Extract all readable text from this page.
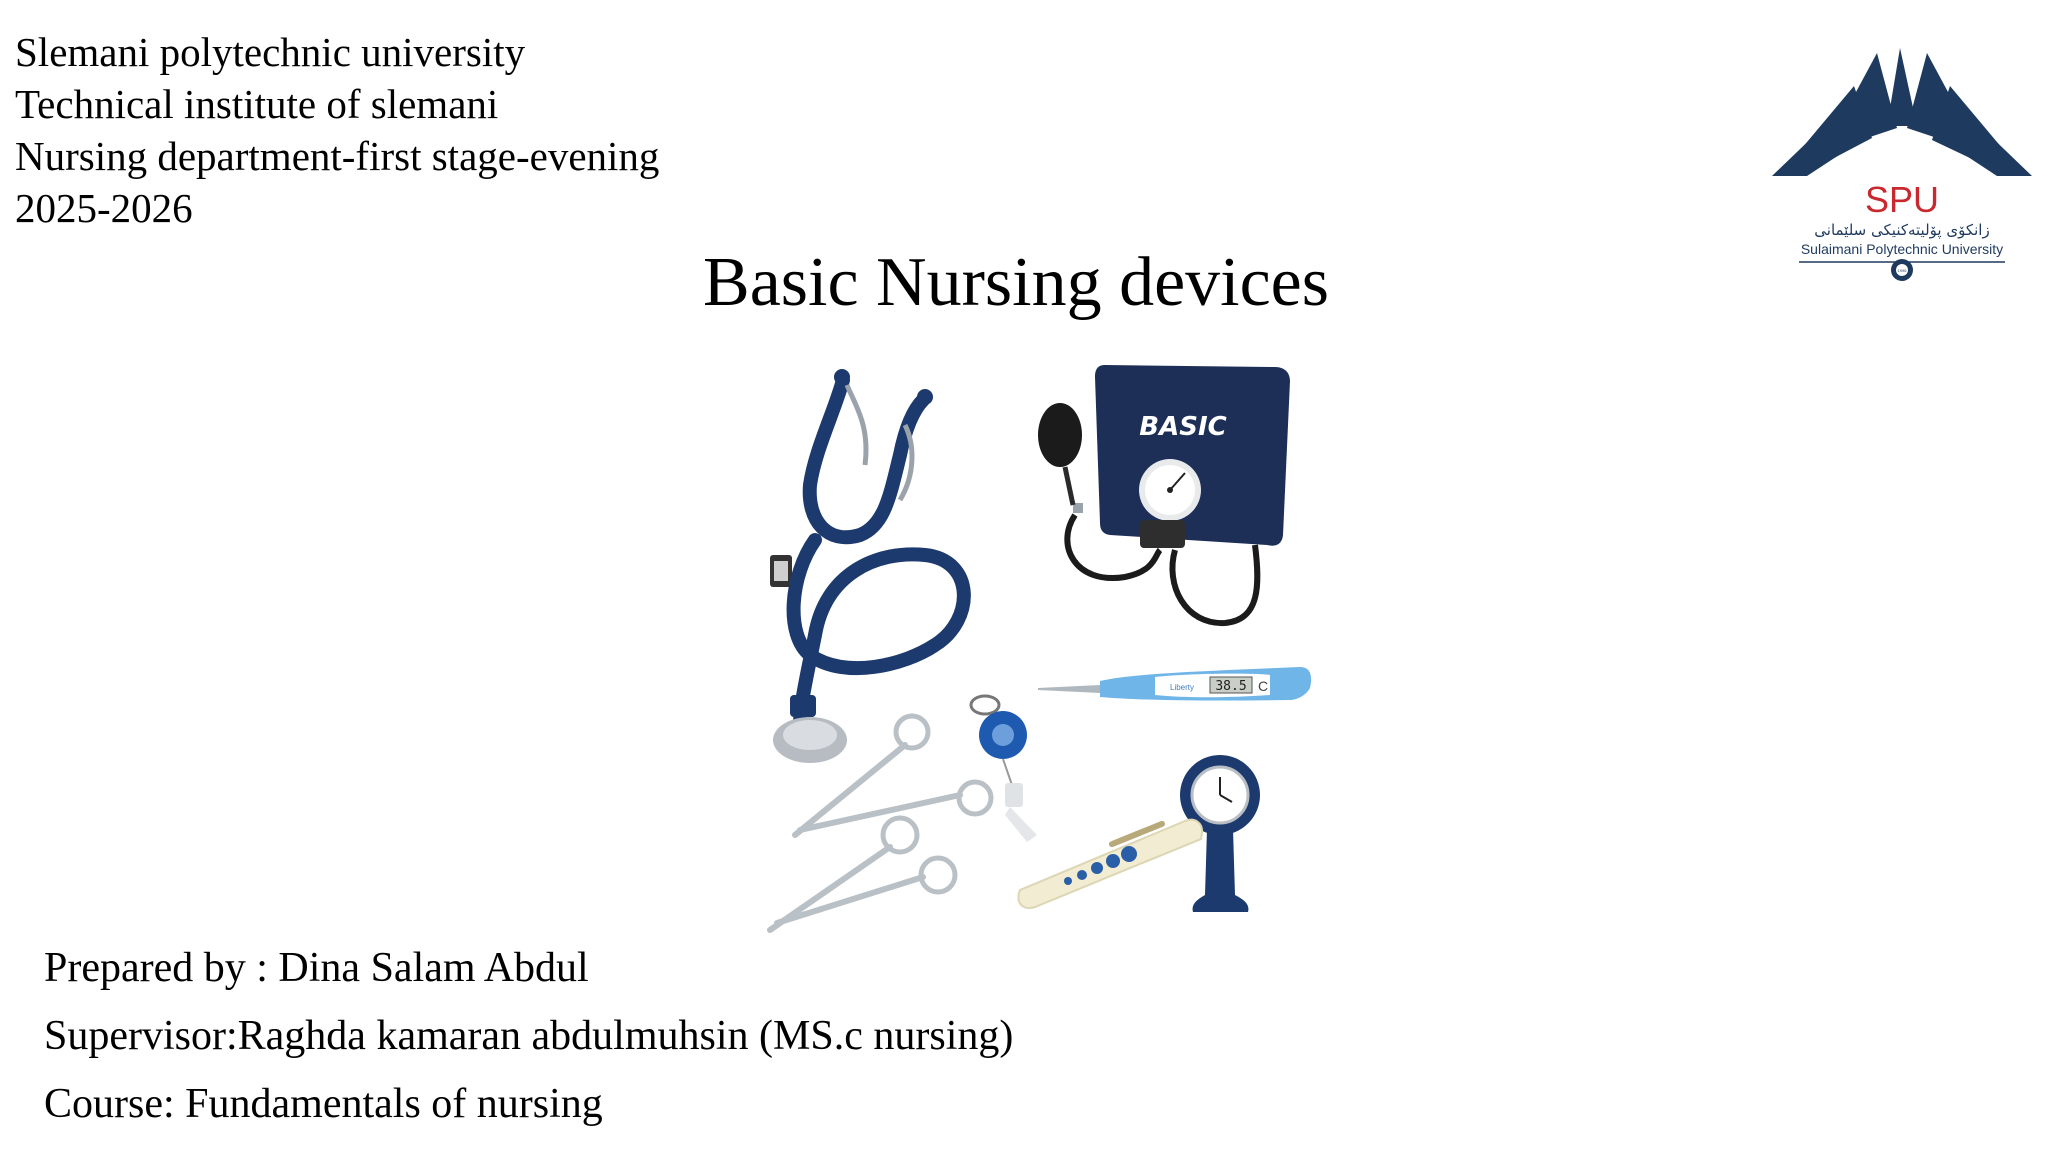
Slemani polytechnic university
Technical institute of slemani
Nursing department-first stage-evening
2025-2026
Basic Nursing devices
SPU
زانکۆی پۆلیتەکنیکی سلێمانی
Sulaimani Polytechnic University
1996
BASIC
Liberty 38.5 C
Prepared by : Dina Salam Abdul
Supervisor:Raghda kamaran abdulmuhsin (MS.c nursing)
Course: Fundamentals of nursing
